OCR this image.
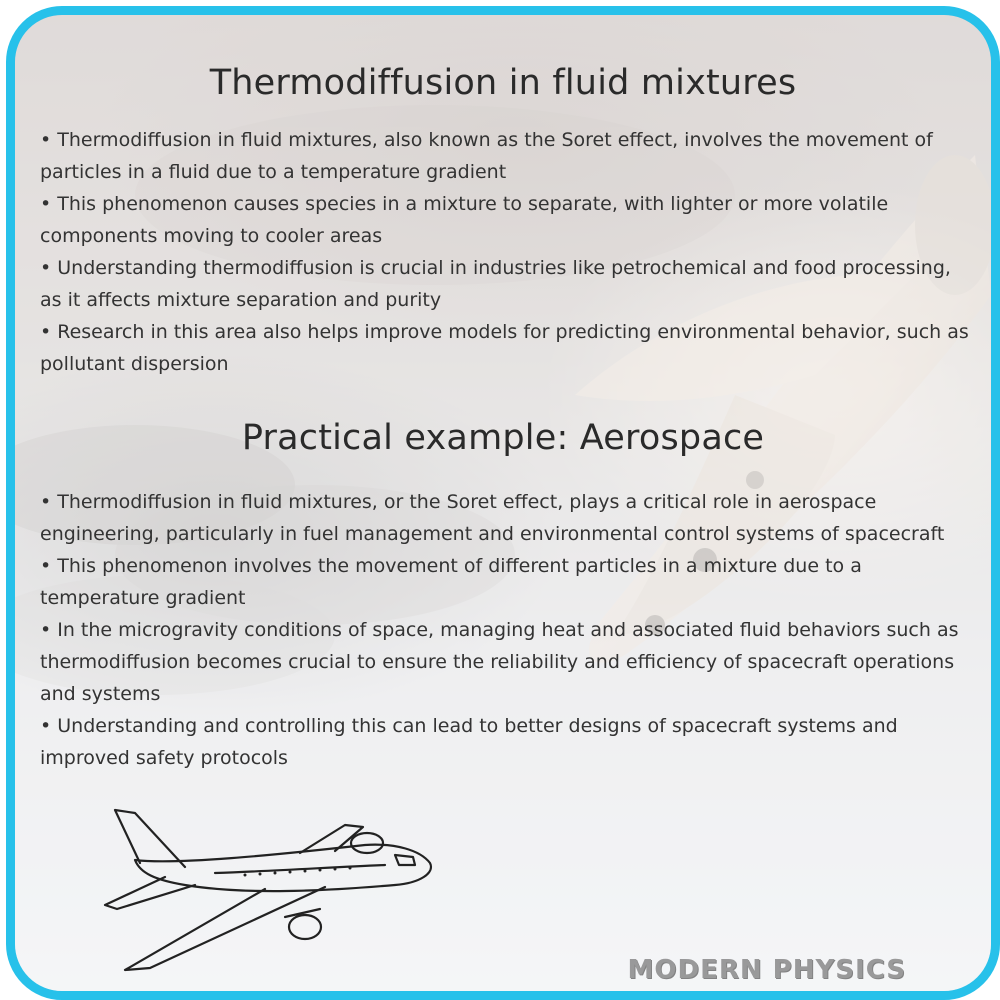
Thermodiffusion in fluid mixtures

• Thermodiffusion in fluid mixtures, also known as the Soret effect, involves the movement of particles in a fluid due to a temperature gradient

• This phenomenon causes species in a mixture to separate, with lighter or more volatile components moving to cooler areas

• Understanding thermodiffusion is crucial in industries like petrochemical and food processing, as it affects mixture separation and purity

• Research in this area also helps improve models for predicting environmental behavior, such as pollutant dispersion

Practical example: Aerospace

• Thermodiffusion in fluid mixtures, or the Soret effect, plays a critical role in aerospace engineering, particularly in fuel management and environmental control systems of spacecraft

• This phenomenon involves the movement of different particles in a mixture due to a temperature gradient

• In the microgravity conditions of space, managing heat and associated fluid behaviors such as thermodiffusion becomes crucial to ensure the reliability and efficiency of spacecraft operations and systems

• Understanding and controlling this can lead to better designs of spacecraft systems and improved safety protocols

MODERN PHYSICS
